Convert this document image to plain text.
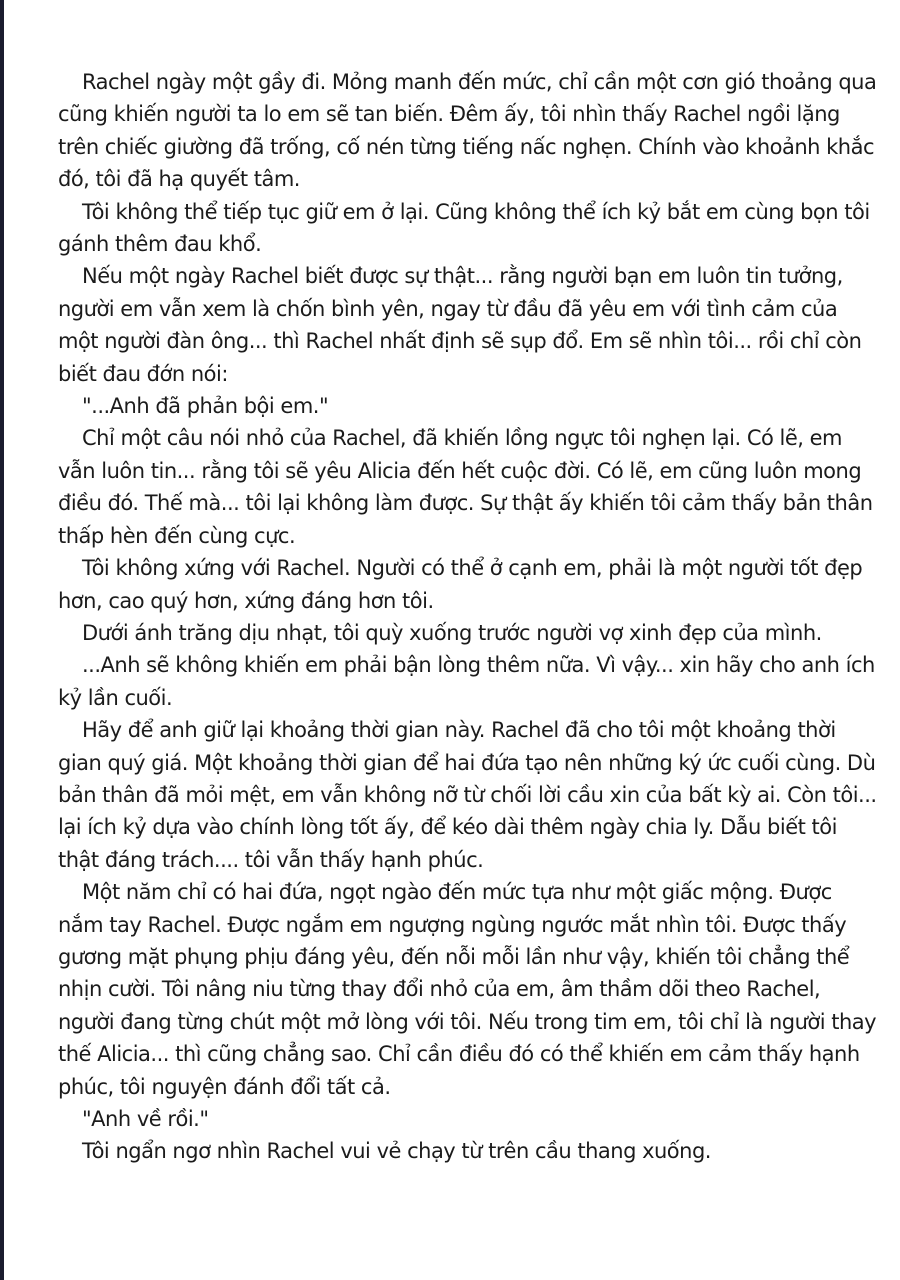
Rachel ngày một gầy đi. Mỏng manh đến mức, chỉ cần một cơn gió thoảng qua cũng khiến người ta lo em sẽ tan biến. Đêm ấy, tôi nhìn thấy Rachel ngồi lặng trên chiếc giường đã trống, cố nén từng tiếng nấc nghẹn. Chính vào khoảnh khắc đó, tôi đã hạ quyết tâm.

Tôi không thể tiếp tục giữ em ở lại. Cũng không thể ích kỷ bắt em cùng bọn tôi gánh thêm đau khổ.

Nếu một ngày Rachel biết được sự thật... rằng người bạn em luôn tin tưởng, người em vẫn xem là chốn bình yên, ngay từ đầu đã yêu em với tình cảm của một người đàn ông... thì Rachel nhất định sẽ sụp đổ. Em sẽ nhìn tôi... rồi chỉ còn biết đau đớn nói:

"...Anh đã phản bội em."

Chỉ một câu nói nhỏ của Rachel, đã khiến lồng ngực tôi nghẹn lại. Có lẽ, em vẫn luôn tin... rằng tôi sẽ yêu Alicia đến hết cuộc đời. Có lẽ, em cũng luôn mong điều đó. Thế mà... tôi lại không làm được. Sự thật ấy khiến tôi cảm thấy bản thân thấp hèn đến cùng cực.

Tôi không xứng với Rachel. Người có thể ở cạnh em, phải là một người tốt đẹp hơn, cao quý hơn, xứng đáng hơn tôi.

Dưới ánh trăng dịu nhạt, tôi quỳ xuống trước người vợ xinh đẹp của mình.

...Anh sẽ không khiến em phải bận lòng thêm nữa. Vì vậy... xin hãy cho anh ích kỷ lần cuối.

Hãy để anh giữ lại khoảng thời gian này. Rachel đã cho tôi một khoảng thời gian quý giá. Một khoảng thời gian để hai đứa tạo nên những ký ức cuối cùng. Dù bản thân đã mỏi mệt, em vẫn không nỡ từ chối lời cầu xin của bất kỳ ai. Còn tôi... lại ích kỷ dựa vào chính lòng tốt ấy, để kéo dài thêm ngày chia ly. Dẫu biết tôi thật đáng trách.... tôi vẫn thấy hạnh phúc.

Một năm chỉ có hai đứa, ngọt ngào đến mức tựa như một giấc mộng. Được nắm tay Rachel. Được ngắm em ngượng ngùng ngước mắt nhìn tôi. Được thấy gương mặt phụng phịu đáng yêu, đến nỗi mỗi lần như vậy, khiến tôi chẳng thể nhịn cười. Tôi nâng niu từng thay đổi nhỏ của em, âm thầm dõi theo Rachel, người đang từng chút một mở lòng với tôi. Nếu trong tim em, tôi chỉ là người thay thế Alicia... thì cũng chẳng sao. Chỉ cần điều đó có thể khiến em cảm thấy hạnh phúc, tôi nguyện đánh đổi tất cả.

"Anh về rồi."

Tôi ngẩn ngơ nhìn Rachel vui vẻ chạy từ trên cầu thang xuống.
